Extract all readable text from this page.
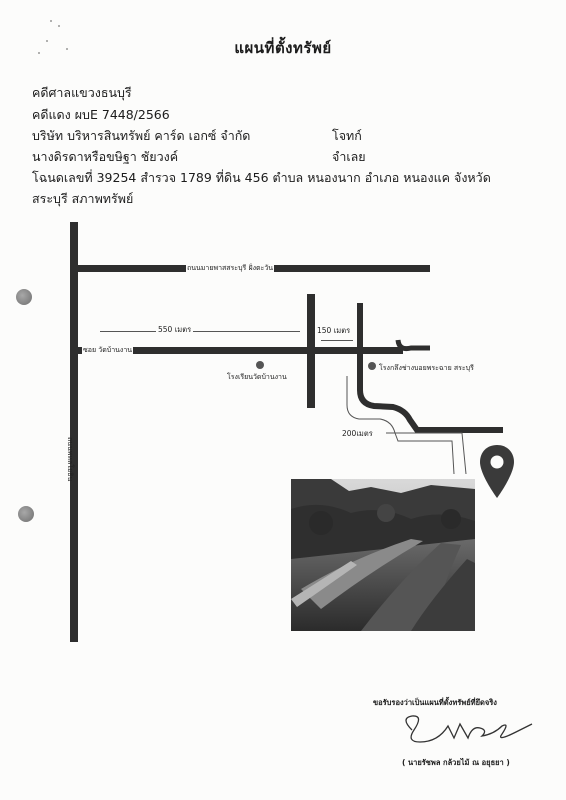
แผนที่ตั้งทรัพย์
คดีศาลแขวงธนบุรี
คดีแดง ผบE 7448/2566
บริษัท บริหารสินทรัพย์ คาร์ด เอกซ์ จำกัด	โจทก์
นางดิรดาหรือขษิฐา ชัยวงค์	จำเลย
โฉนดเลขที่ 39254 สำรวจ 1789 ที่ดิน 456 ตำบล หนองนาก อำเภอ หนองแค จังหวัด
สระบุรี สภาพทรัพย์
ถนนมายพาสสระบุรี ฝั่งตะวัน
ซอย วัดบ้านงาน
ถนนพหลโยธิน
550 เมตร	150 เมตร
200เมตร
โรงเรียนวัดบ้านงาน
โรงกลึงช่างบอยพระฉาย สระบุรี
ขอรับรองว่าเป็นแผนที่ตั้งทรัพย์ที่ยึดจริง
( นายรัชพล กล้วยไม้ ณ อยุธยา )
